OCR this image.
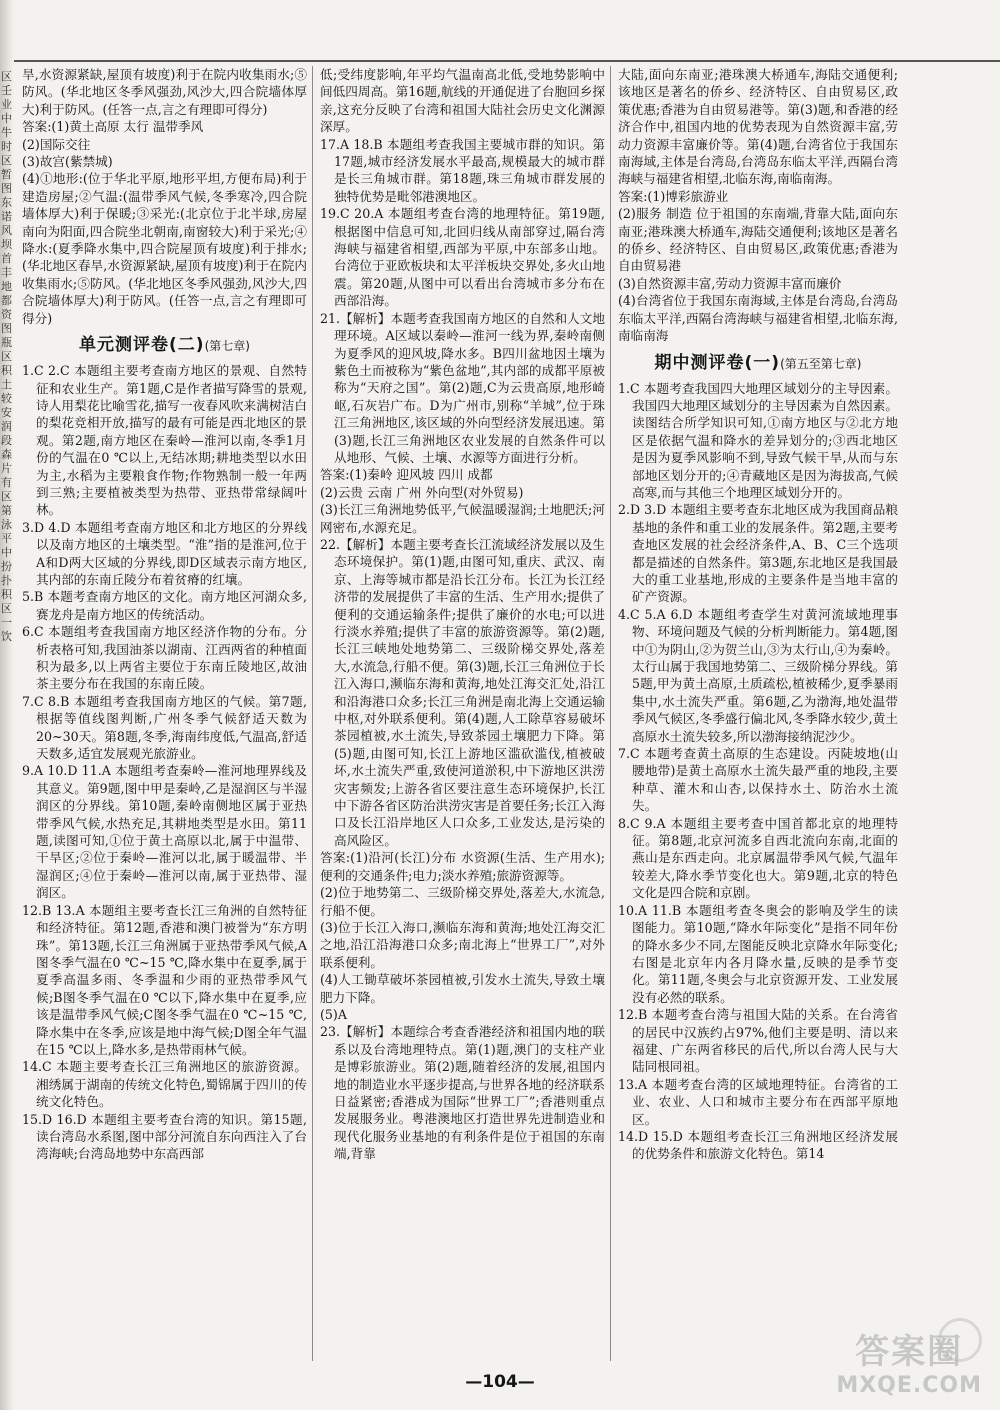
区壬业中牛时区暂图东诺风坝首丰地都资图瓶区积土较安润段森片有区第泳平中扮扑积区一饮

旱,水资源紧缺,屋顶有坡度)利于在院内收集雨水;⑤防风。(华北地区冬季风强劲,风沙大,四合院墙体厚大)利于防风。(任答一点,言之有理即可得分)

答案:(1)黄土高原 太行 温带季风

(2)国际交往

(3)故宫(紫禁城)

(4)①地形:(位于华北平原,地形平坦,方便布局)利于建造房屋;②气温:(温带季风气候,冬季寒冷,四合院墙体厚大)利于保暖;③采光:(北京位于北半球,房屋南向为阳面,四合院坐北朝南,南窗较大)利于采光;④降水:(夏季降水集中,四合院屋顶有坡度)利于排水;(华北地区春旱,水资源紧缺,屋顶有坡度)利于在院内收集雨水;⑤防风。(华北地区冬季风强劲,风沙大,四合院墙体厚大)利于防风。(任答一点,言之有理即可得分)

单元测评卷(二)(第七章)

1.C 2.C 本题组主要考查南方地区的景观、自然特征和农业生产。第1题,C是作者描写降雪的景观,诗人用梨花比喻雪花,描写一夜春风吹来满树洁白的梨花竞相开放,描写的最有可能是西北地区的景观。第2题,南方地区在秦岭—淮河以南,冬季1月份的气温在0 ℃以上,无结冰期;耕地类型以水田为主,水稻为主要粮食作物;作物熟制一般一年两到三熟;主要植被类型为热带、亚热带常绿阔叶林。

3.D 4.D 本题组考查南方地区和北方地区的分界线以及南方地区的土壤类型。“淮”指的是淮河,位于A和D两大区域的分界线,即D区域表示南方地区,其内部的东南丘陵分布着贫瘠的红壤。

5.B 本题考查南方地区的文化。南方地区河湖众多,赛龙舟是南方地区的传统活动。

6.C 本题组考查我国南方地区经济作物的分布。分析表格可知,我国油茶以湖南、江西两省的种植面积为最多,以上两省主要位于东南丘陵地区,故油茶主要分布在我国的东南丘陵。

7.C 8.B 本题组考查我国南方地区的气候。第7题,根据等值线图判断,广州冬季气候舒适天数为20~30天。第8题,冬季,海南纬度低,气温高,舒适天数多,适宜发展观光旅游业。

9.A 10.D 11.A 本题组考查秦岭—淮河地理界线及其意义。第9题,图中甲是秦岭,乙是湿润区与半湿润区的分界线。第10题,秦岭南侧地区属于亚热带季风气候,水热充足,其耕地类型是水田。第11题,读图可知,①位于黄土高原以北,属于中温带、干旱区;②位于秦岭—淮河以北,属于暖温带、半湿润区;④位于秦岭—淮河以南,属于亚热带、湿润区。

12.B 13.A 本题组主要考查长江三角洲的自然特征和经济特征。第12题,香港和澳门被誉为“东方明珠”。第13题,长江三角洲属于亚热带季风气候,A图冬季气温在0 ℃~15 ℃,降水集中在夏季,属于夏季高温多雨、冬季温和少雨的亚热带季风气候;B图冬季气温在0 ℃以下,降水集中在夏季,应该是温带季风气候;C图冬季气温在0 ℃~15 ℃,降水集中在冬季,应该是地中海气候;D图全年气温在15 ℃以上,降水多,是热带雨林气候。

14.C 本题主要考查长江三角洲地区的旅游资源。湘绣属于湖南的传统文化特色,蜀锦属于四川的传统文化特色。

15.D 16.D 本题组主要考查台湾的知识。第15题,读台湾岛水系图,图中部分河流自东向西注入了台湾海峡;台湾岛地势中东高西部

低;受纬度影响,年平均气温南高北低,受地势影响中间低四周高。第16题,航线的开通促进了台胞回乡探亲,这充分反映了台湾和祖国大陆社会历史文化渊源深厚。

17.A 18.B 本题组考查我国主要城市群的知识。第17题,城市经济发展水平最高,规模最大的城市群是长三角城市群。第18题,珠三角城市群发展的独特优势是毗邻港澳地区。

19.C 20.A 本题组考查台湾的地理特征。第19题,根据图中信息可知,北回归线从南部穿过,隔台湾海峡与福建省相望,西部为平原,中东部多山地。台湾位于亚欧板块和太平洋板块交界处,多火山地震。第20题,从图中可以看出台湾城市多分布在西部沿海。

21.【解析】本题考查我国南方地区的自然和人文地理环境。A区域以秦岭—淮河一线为界,秦岭南侧为夏季风的迎风坡,降水多。B四川盆地因土壤为紫色土而被称为“紫色盆地”,其内部的成都平原被称为“天府之国”。第(2)题,C为云贵高原,地形崎岖,石灰岩广布。D为广州市,别称“羊城”,位于珠江三角洲地区,该区域的外向型经济发展迅速。第(3)题,长江三角洲地区农业发展的自然条件可以从地形、气候、土壤、水源等方面进行分析。

答案:(1)秦岭 迎风坡 四川 成都

(2)云贵 云南 广州 外向型(对外贸易)

(3)长江三角洲地势低平,气候温暖湿润;土地肥沃;河网密布,水源充足。

22.【解析】本题主要考查长江流域经济发展以及生态环境保护。第(1)题,由图可知,重庆、武汉、南京、上海等城市都是沿长江分布。长江为长江经济带的发展提供了丰富的生活、生产用水;提供了便利的交通运输条件;提供了廉价的水电;可以进行淡水养殖;提供了丰富的旅游资源等。第(2)题,长江三峡地处地势第二、三级阶梯交界处,落差大,水流急,行船不便。第(3)题,长江三角洲位于长江入海口,濒临东海和黄海,地处江海交汇处,沿江和沿海港口众多;长江三角洲是南北海上交通运输中枢,对外联系便利。第(4)题,人工除草容易破坏茶园植被,水土流失,导致茶园土壤肥力下降。第(5)题,由图可知,长江上游地区滥砍滥伐,植被破坏,水土流失严重,致使河道淤积,中下游地区洪涝灾害频发;上游各省区要注意生态环境保护,长江中下游各省区防治洪涝灾害是首要任务;长江入海口及长江沿岸地区人口众多,工业发达,是污染的高风险区。

答案:(1)沿河(长江)分布 水资源(生活、生产用水);便利的交通条件;电力;淡水养殖;旅游资源等。

(2)位于地势第二、三级阶梯交界处,落差大,水流急,行船不便。

(3)位于长江入海口,濒临东海和黄海;地处江海交汇之地,沿江沿海港口众多;南北海上“世界工厂”,对外联系便利。

(4)人工锄草破坏茶园植被,引发水土流失,导致土壤肥力下降。

(5)A

23.【解析】本题综合考查香港经济和祖国内地的联系以及台湾地理特点。第(1)题,澳门的支柱产业是博彩旅游业。第(2)题,随着经济的发展,祖国内地的制造业水平逐步提高,与世界各地的经济联系日益紧密;香港成为国际“世界工厂”;香港则重点发展服务业。粤港澳地区打造世界先进制造业和现代化服务业基地的有利条件是位于祖国的东南端,背靠

大陆,面向东南亚;港珠澳大桥通车,海陆交通便利;该地区是著名的侨乡、经济特区、自由贸易区,政策优惠;香港为自由贸易港等。第(3)题,和香港的经济合作中,祖国内地的优势表现为自然资源丰富,劳动力资源丰富廉价等。第(4)题,台湾省位于我国东南海域,主体是台湾岛,台湾岛东临太平洋,西隔台湾海峡与福建省相望,北临东海,南临南海。

答案:(1)博彩旅游业

(2)服务 制造 位于祖国的东南端,背靠大陆,面向东南亚;港珠澳大桥通车,海陆交通便利;该地区是著名的侨乡、经济特区、自由贸易区,政策优惠;香港为自由贸易港

(3)自然资源丰富,劳动力资源丰富而廉价

(4)台湾省位于我国东南海域,主体是台湾岛,台湾岛东临太平洋,西隔台湾海峡与福建省相望,北临东海,南临南海

期中测评卷(一)(第五至第七章)

1.C 本题考查我国四大地理区域划分的主导因素。我国四大地理区域划分的主导因素为自然因素。读图结合所学知识可知,①南方地区与②北方地区是依据气温和降水的差异划分的;③西北地区是因为夏季风影响不到,导致气候干旱,从而与东部地区划分开的;④青藏地区是因为海拔高,气候高寒,而与其他三个地理区域划分开的。

2.D 3.D 本题组主要考查东北地区成为我国商品粮基地的条件和重工业的发展条件。第2题,主要考查地区发展的社会经济条件,A、B、C三个选项都是描述的自然条件。第3题,东北地区是我国最大的重工业基地,形成的主要条件是当地丰富的矿产资源。

4.C 5.A 6.D 本题组考查学生对黄河流域地理事物、环境问题及气候的分析判断能力。第4题,图中①为阴山,②为贺兰山,③为太行山,④为秦岭。太行山属于我国地势第二、三级阶梯分界线。第5题,甲为黄土高原,土质疏松,植被稀少,夏季暴雨集中,水土流失严重。第6题,乙为渤海,地处温带季风气候区,冬季盛行偏北风,冬季降水较少,黄土高原水土流失较多,所以渤海接纳泥沙少。

7.C 本题考查黄土高原的生态建设。丙陡坡地(山腰地带)是黄土高原水土流失最严重的地段,主要种草、灌木和山杏,以保持水土、防治水土流失。

8.C 9.A 本题组主要考查中国首都北京的地理特征。第8题,北京河流多自西北流向东南,北面的燕山是东西走向。北京属温带季风气候,气温年较差大,降水季节变化也大。第9题,北京的特色文化是四合院和京剧。

10.A 11.B 本题组考查冬奥会的影响及学生的读图能力。第10题,“降水年际变化”是指不同年份的降水多少不同,左图能反映北京降水年际变化;右图是北京年内各月降水量,反映的是季节变化。第11题,冬奥会与北京资源开发、工业发展没有必然的联系。

12.B 本题考查台湾与祖国大陆的关系。在台湾省的居民中汉族约占97%,他们主要是明、清以来福建、广东两省移民的后代,所以台湾人民与大陆同根同祖。

13.A 本题考查台湾的区域地理特征。台湾省的工业、农业、人口和城市主要分布在西部平原地区。

14.D 15.D 本题组考查长江三角洲地区经济发展的优势条件和旅游文化特色。第14

—104—
答案圈
MXQE.COM
